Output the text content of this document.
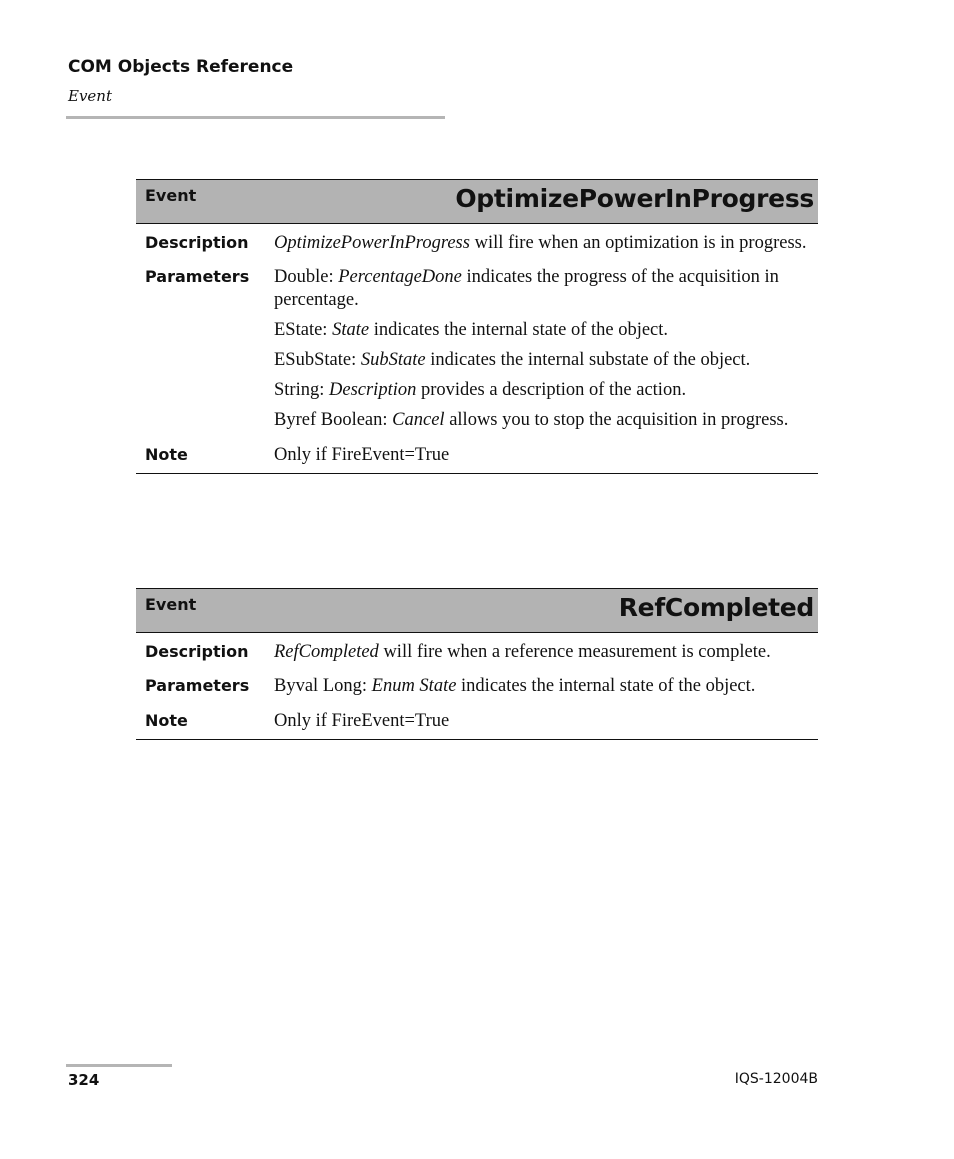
COM Objects Reference
Event
Event	OptimizePowerInProgress
Description	OptimizePowerInProgress will fire when an optimization is in progress.

Parameters	Double: PercentageDone indicates the progress of the acquisition in percentage.

EState: State indicates the internal state of the object.

ESubState: SubState indicates the internal substate of the object.

String: Description provides a description of the action.

Byref Boolean: Cancel allows you to stop the acquisition in progress.

Note	Only if FireEvent=True
Event	RefCompleted
Description	RefCompleted will fire when a reference measurement is complete.

Parameters	Byval Long: Enum State indicates the internal state of the object.

Note	Only if FireEvent=True
324	IQS-12004B
